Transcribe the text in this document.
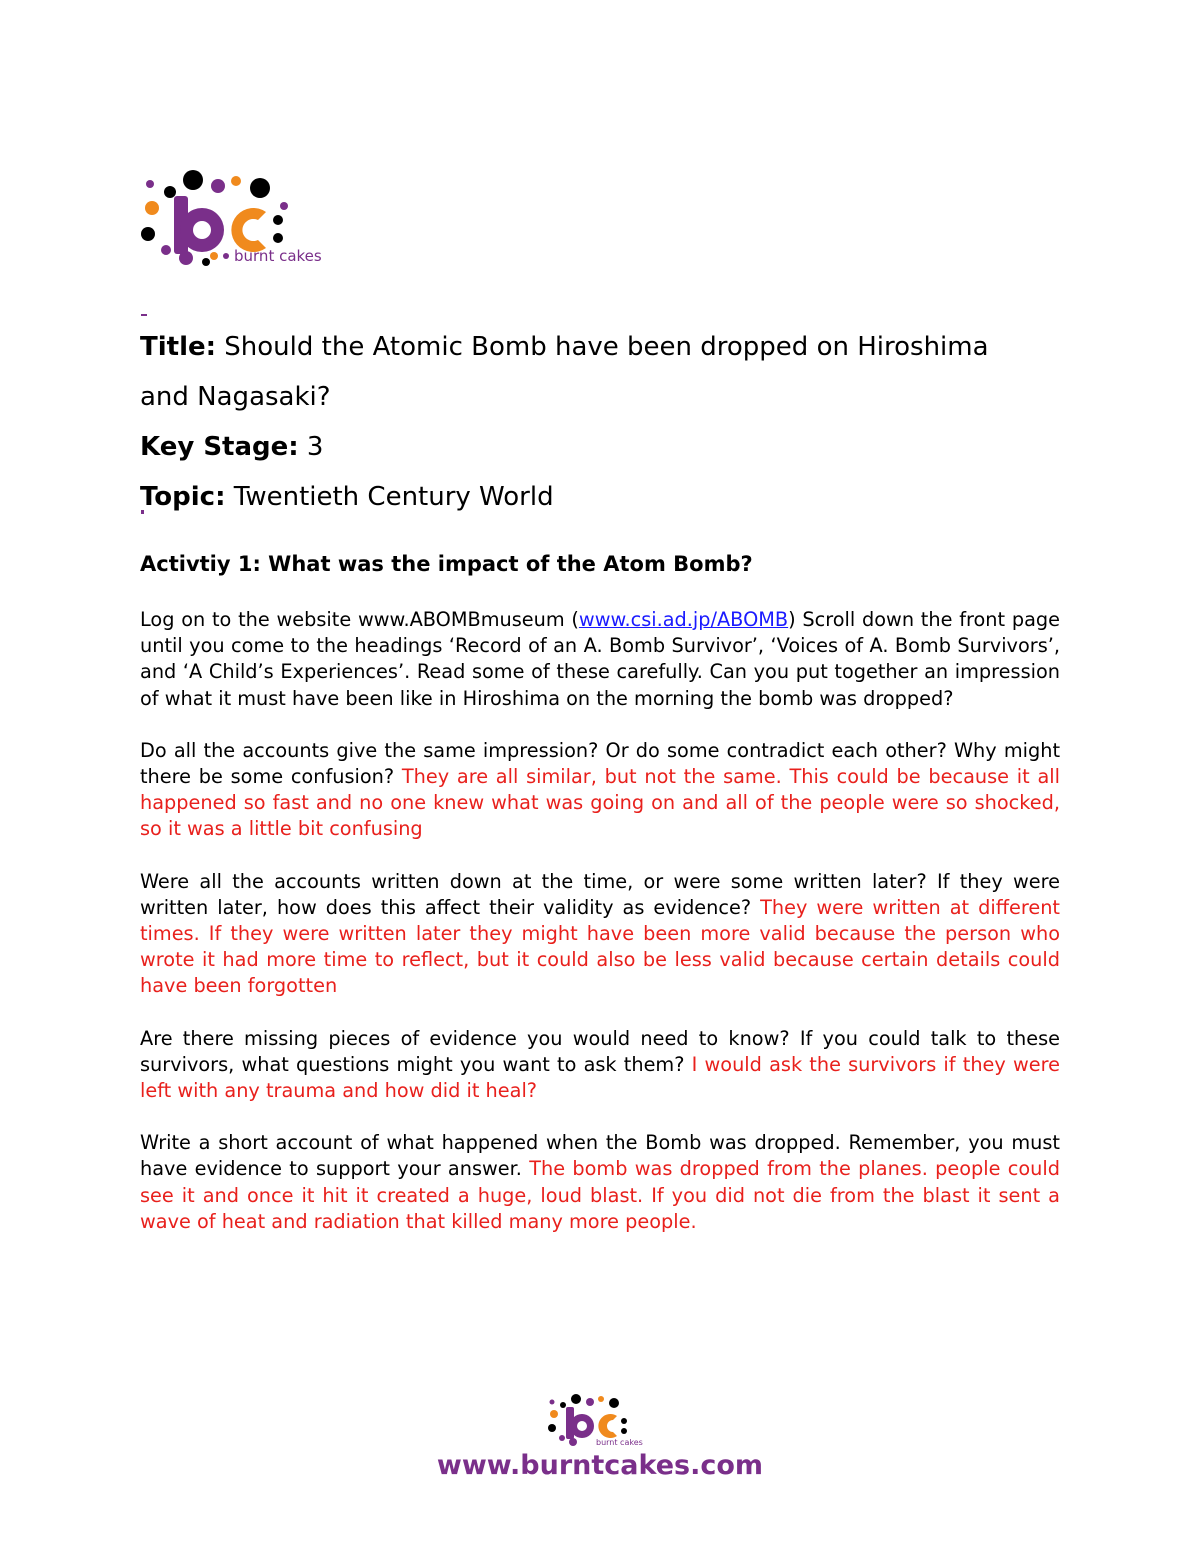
burnt cakes

Title: Should the Atomic Bomb have been dropped on Hiroshima

and Nagasaki?

Key Stage: 3

Topic: Twentieth Century World

Activtiy 1: What was the impact of the Atom Bomb?

Log on to the website www.ABOMBmuseum (www.csi.ad.jp/ABOMB) Scroll down the front page until you come to the headings ‘Record of an A. Bomb Survivor’, ‘Voices of A. Bomb Survivors’, and ‘A Child’s Experiences’. Read some of these carefully. Can you put together an impression of what it must have been like in Hiroshima on the morning the bomb was dropped?

Do all the accounts give the same impression? Or do some contradict each other? Why might there be some confusion? They are all similar, but not the same. This could be because it all happened so fast and no one knew what was going on and all of the people were so shocked, so it was a little bit confusing

Were all the accounts written down at the time, or were some written later? If they were written later, how does this affect their validity as evidence? They were written at different times. If they were written later they might have been more valid because the person who wrote it had more time to reflect, but it could also be less valid because certain details could have been forgotten

Are there missing pieces of evidence you would need to know? If you could talk to these survivors, what questions might you want to ask them? I would ask the survivors if they were left with any trauma and how did it heal?

Write a short account of what happened when the Bomb was dropped. Remember, you must have evidence to support your answer. The bomb was dropped from the planes. people could see it and once it hit it created a huge, loud blast. If you did not die from the blast it sent a wave of heat and radiation that killed many more people.

burnt cakes

www.burntcakes.com
